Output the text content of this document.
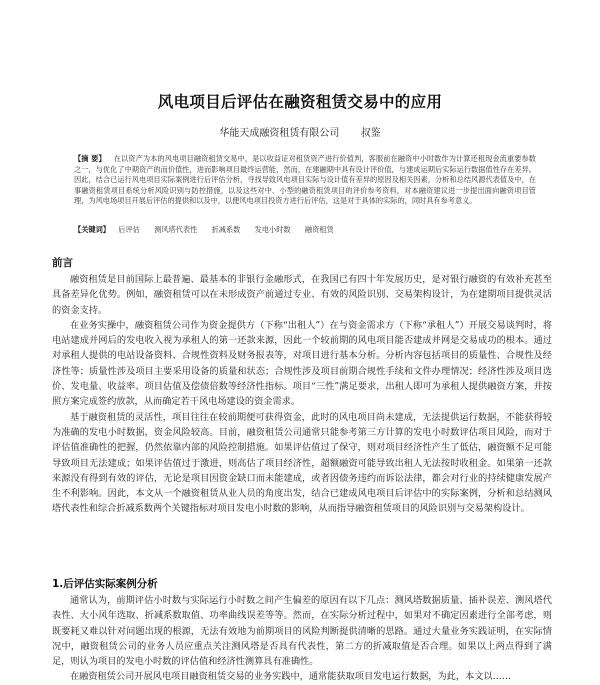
风电项目后评估在融资租赁交易中的应用
华能天成融资租赁有限公司 叔鉴
【摘 要】 在以资产为本的风电项目融资租赁交易中，是以收益证对租赁资产进行价值判，客服前在融资中小时数作为计算还租现金流重要参数之一，与优化了中期资产的而价值性，进而影响项目最终运营能，然而，在建融期中具有设计评价值，与建成运期后实际运行数据值性存在差异。因此，结合已运行风电项目实际案例进行后评估分析，寻找导致风电项目实际与设计值有差异的原因及相关因素，分析和总结风源代表值及中，在事融资租赁项目系统分析风险识别与防控措施，以及这些对中、小型的融资租赁项目的评价参考资料，对本融资建议进一步提出面向融资项目管理，为风电场项目开展后评估的提供和以及中，以便风电项目投资方进行后评估，这是对于具体的实际的，同时具有参考意义。
【关键词】 后评估 测风塔代表性 折减系数 发电小时数 融资租赁
前言

融资租赁是目前国际上最普遍、最基本的非银行金融形式，在我国已有四十年发展历史，是对银行融资的有效补充甚至具备差异化优势。例如，融资租赁可以在未形成资产前通过专业、有效的风险识别、交易架构设计，为在建期项目提供灵活的资金支持。

在业务实操中，融资租赁公司作为资金提供方（下称“出租人”）在与资金需求方（下称“承租人”）开展交易谈判时，将电站建成并网后的发电收入视为承租人的第一还款来源，因此一个较前期的风电项目能否建成并网是交易成功的根本。通过对承租人提供的电站设备资料、合规性资料及财务报表等，对项目进行基本分析。分析内容包括项目的质量性、合规性及经济性等；质量性涉及项目主要采用设备的质量和状态；合规性涉及项目前期合规性手续和文件办理情况；经济性涉及项目选价、发电量、收益率、项目估值及偿债倍数等经济性指标。项目“三性”满足要求，出租人即可为承租人提供融资方案，并按照方案完成签约放款，从而确定若干风电场建设的资金需求。

基于融资租赁的灵活性，项目往往在较前期便可获得资金，此时的风电项目尚未建成，无法提供运行数据，不能获得较为准确的发电小时数据，资金风险较高。目前，融资租赁公司通常只能参考第三方计算的发电小时数评估项目风险，而对于评估值准确性的把握，仍然依靠内部的风险控制措施。如果评估值过了保守，则对项目经济性产生了低估，融资额不足可能导致项目无法建成；如果评估值过于激进，则高估了项目经济性，超额融资可能导致出租人无法按时收租金。如果第一还款来源没有得到有效的评估，无论是项目因资金缺口而未能建成，或者因债务违约而诉讼法律，都会对行业的持续健康发展产生不利影响。因此，本文从一个融资租赁从业人员的角度出发，结合已建成风电项目后评估中的实际案例，分析和总结测风塔代表性和综合折减系数两个关键指标对项目发电小时数的影响，从而指导融资租赁项目的风险识别与交易架构设计。

1.后评估实际案例分析

通常认为，前期评估小时数与实际运行小时数之间产生偏差的原因有以下几点：测风塔数据质量、插补误差、测风塔代表性、大小风年选取、折减系数取值、功率曲线误差等等。然而，在实际分析过程中，如果对不确定因素进行全部考虑，则既要耗又难以针对问题出现的根源，无法有效地为前期项目的风险判断提供清晰的思路。通过大量业务实践证明，在实际情况中，融资租赁公司的业务人员应重点关注测风塔是否具有代表性，第二方的折减取值是否合理。如果以上两点得到了满足，则认为项目的发电小时数的评估值和经济性测算具有准确性。

在融资租赁公司开展风电项目融资租赁交易的业务实践中，通常能获取项目发电运行数据，为此，本文以……
